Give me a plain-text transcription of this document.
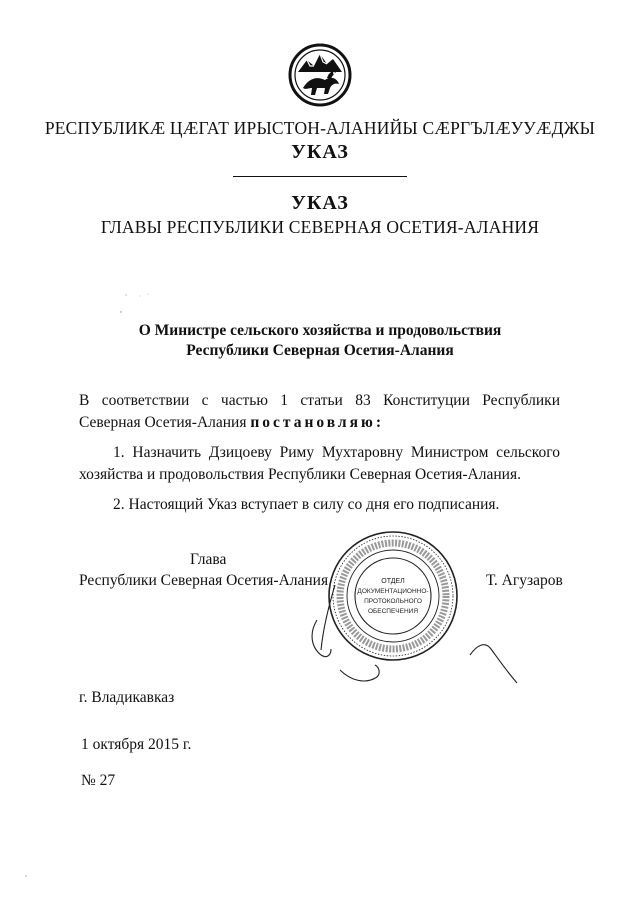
РЕСПУБЛИКӔ ЦӔГАТ ИРЫСТОН-АЛАНИЙЫ СӔРГЪЛӔУУӔДЖЫ
УКАЗ
УКАЗ
ГЛАВЫ РЕСПУБЛИКИ СЕВЕРНАЯ ОСЕТИЯ-АЛАНИЯ
О Министре сельского хозяйства и продовольствия
Республики Северная Осетия-Алания
В соответствии с частью 1 статьи 83 Конституции Республики
Северная Осетия-Алания постановляю:
1. Назначить Дзицоеву Риму Мухтаровну Министром сельского
хозяйства и продовольствия Республики Северная Осетия-Алания.
2. Настоящий Указ вступает в силу со дня его подписания.
Глава
Республики Северная Осетия-Алания	Т. Агузаров
ОТДЕЛ
ДОКУМЕНТАЦИОННО-
ПРОТОКОЛЬНОГО
ОБЕСПЕЧЕНИЯ
г. Владикавказ
1 октября 2015 г.
№ 27
